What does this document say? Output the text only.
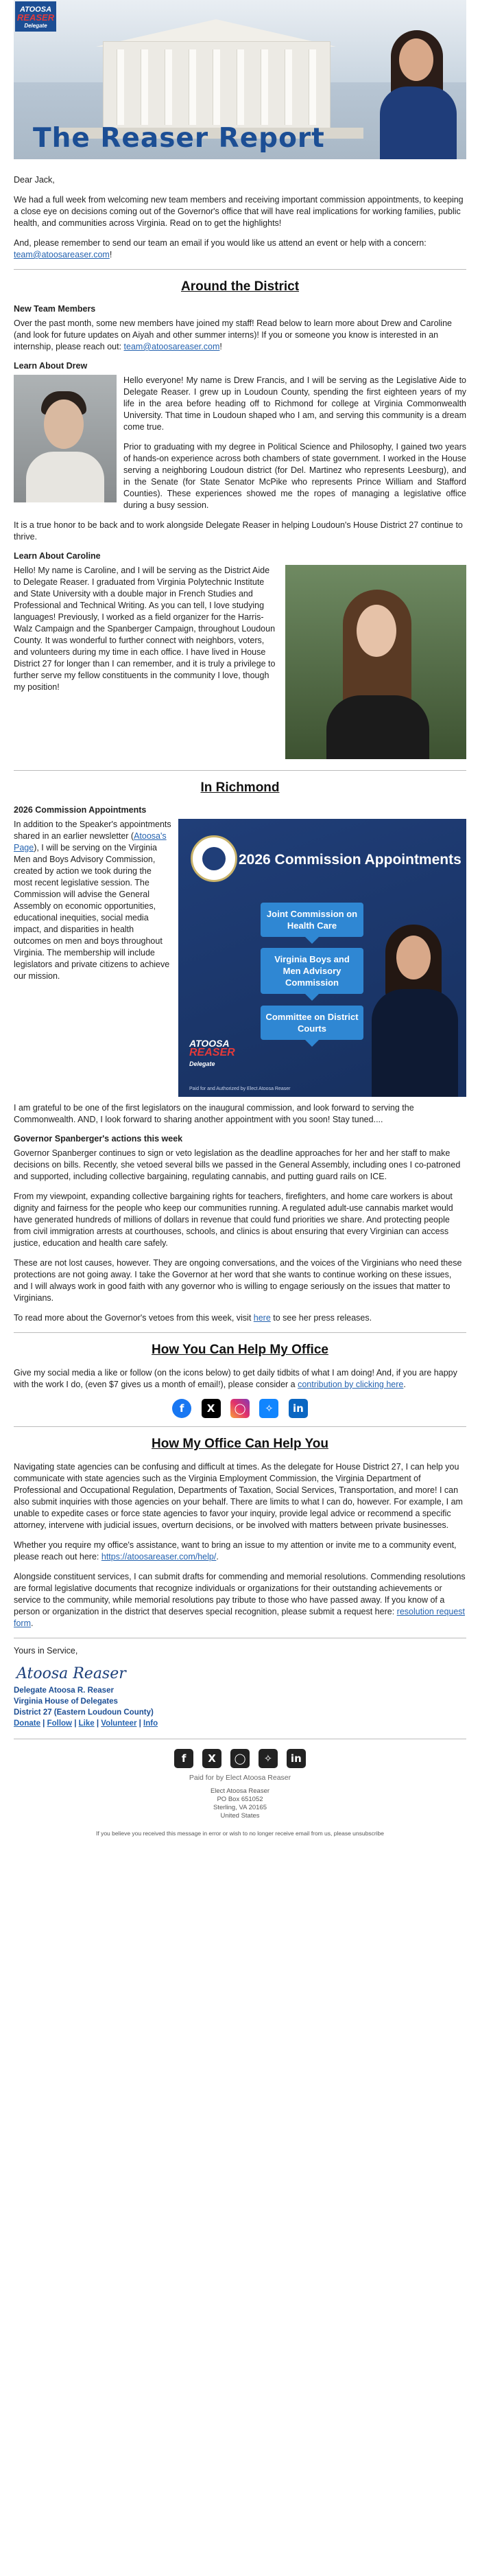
ATOOSA
REASER
Delegate
The Reaser Report

Dear Jack,

We had a full week from welcoming new team members and receiving important commission appointments, to keeping a close eye on decisions coming out of the Governor's office that will have real implications for working families, public health, and communities across Virginia. Read on to get the highlights!

And, please remember to send our team an email if you would like us attend an event or help with a concern: team@atoosareaser.com!

Around the District
New Team Members

Over the past month, some new members have joined my staff! Read below to learn more about Drew and Caroline (and look for future updates on Aiyah and other summer interns)! If you or someone you know is interested in an internship, please reach out: team@atoosareaser.com!

Learn About Drew

Hello everyone! My name is Drew Francis, and I will be serving as the Legislative Aide to Delegate Reaser. I grew up in Loudoun County, spending the first eighteen years of my life in the area before heading off to Richmond for college at Virginia Commonwealth University. That time in Loudoun shaped who I am, and serving this community is a dream come true.

Prior to graduating with my degree in Political Science and Philosophy, I gained two years of hands-on experience across both chambers of state government. I worked in the House serving a neighboring Loudoun district (for Del. Martinez who represents Leesburg), and in the Senate (for State Senator McPike who represents Prince William and Stafford Counties). These experiences showed me the ropes of managing a legislative office during a busy session.

It is a true honor to be back and to work alongside Delegate Reaser in helping Loudoun's House District 27 continue to thrive.

Learn About Caroline

Hello! My name is Caroline, and I will be serving as the District Aide to Delegate Reaser. I graduated from Virginia Polytechnic Institute and State University with a double major in French Studies and Professional and Technical Writing. As you can tell, I love studying languages! Previously, I worked as a field organizer for the Harris-Walz Campaign and the Spanberger Campaign, throughout Loudoun County. It was wonderful to further connect with neighbors, voters, and volunteers during my time in each office. I have lived in House District 27 for longer than I can remember, and it is truly a privilege to further serve my fellow constituents in the community I love, though my position!

In Richmond
2026 Commission Appointments
2026 Commission Appointments
Joint Commission on Health Care
Virginia Boys and Men Advisory Commission
Committee on District Courts
ATOOSA
REASER
Delegate
Paid for and Authorized by Elect Atoosa Reaser

In addition to the Speaker's appointments shared in an earlier newsletter (Atoosa's Page), I will be serving on the Virginia Men and Boys Advisory Commission, created by action we took during the most recent legislative session. The Commission will advise the General Assembly on economic opportunities, educational inequities, social media impact, and disparities in health outcomes on men and boys throughout Virginia. The membership will include legislators and private citizens to achieve our mission.

I am grateful to be one of the first legislators on the inaugural commission, and look forward to serving the Commonwealth. AND, I look forward to sharing another appointment with you soon! Stay tuned....

Governor Spanberger's actions this week

Governor Spanberger continues to sign or veto legislation as the deadline approaches for her and her staff to make decisions on bills. Recently, she vetoed several bills we passed in the General Assembly, including ones I co-patroned and supported, including collective bargaining, regulating cannabis, and putting guard rails on ICE.

From my viewpoint, expanding collective bargaining rights for teachers, firefighters, and home care workers is about dignity and fairness for the people who keep our communities running. A regulated adult-use cannabis market would have generated hundreds of millions of dollars in revenue that could fund priorities we share. And protecting people from civil immigration arrests at courthouses, schools, and clinics is about ensuring that every Virginian can access justice, education and health care safely.

These are not lost causes, however. They are ongoing conversations, and the voices of the Virginians who need these protections are not going away. I take the Governor at her word that she wants to continue working on these issues, and I will always work in good faith with any governor who is willing to engage seriously on the issues that matter to Virginians.

To read more about the Governor's vetoes from this week, visit here to see her press releases.

How You Can Help My Office

Give my social media a like or follow (on the icons below) to get daily tidbits of what I am doing! And, if you are happy with the work I do, (even $7 gives us a month of email!), please consider a contribution by clicking here.

f X ◯ ✧ in
How My Office Can Help You

Navigating state agencies can be confusing and difficult at times. As the delegate for House District 27, I can help you communicate with state agencies such as the Virginia Employment Commission, the Virginia Department of Professional and Occupational Regulation, Departments of Taxation, Social Services, Transportation, and more! I can also submit inquiries with those agencies on your behalf. There are limits to what I can do, however. For example, I am unable to expedite cases or force state agencies to favor your inquiry, provide legal advice or recommend a specific attorney, intervene with judicial issues, overturn decisions, or be involved with matters between private businesses.

Whether you require my office's assistance, want to bring an issue to my attention or invite me to a community event, please reach out here: https://atoosareaser.com/help/.

Alongside constituent services, I can submit drafts for commending and memorial resolutions. Commending resolutions are formal legislative documents that recognize individuals or organizations for their outstanding achievements or service to the community, while memorial resolutions pay tribute to those who have passed away. If you know of a person or organization in the district that deserves special recognition, please submit a request here: resolution request form.

Yours in Service,

Atoosa Reaser

Delegate Atoosa R. Reaser

Virginia House of Delegates

District 27 (Eastern Loudoun County)

Donate | Follow | Like | Volunteer | Info

f X ◯ ✧ in
Paid for by Elect Atoosa Reaser
Elect Atoosa Reaser
PO Box 651052
Sterling, VA 20165
United States
If you believe you received this message in error or wish to no longer receive email from us, please unsubscribe
